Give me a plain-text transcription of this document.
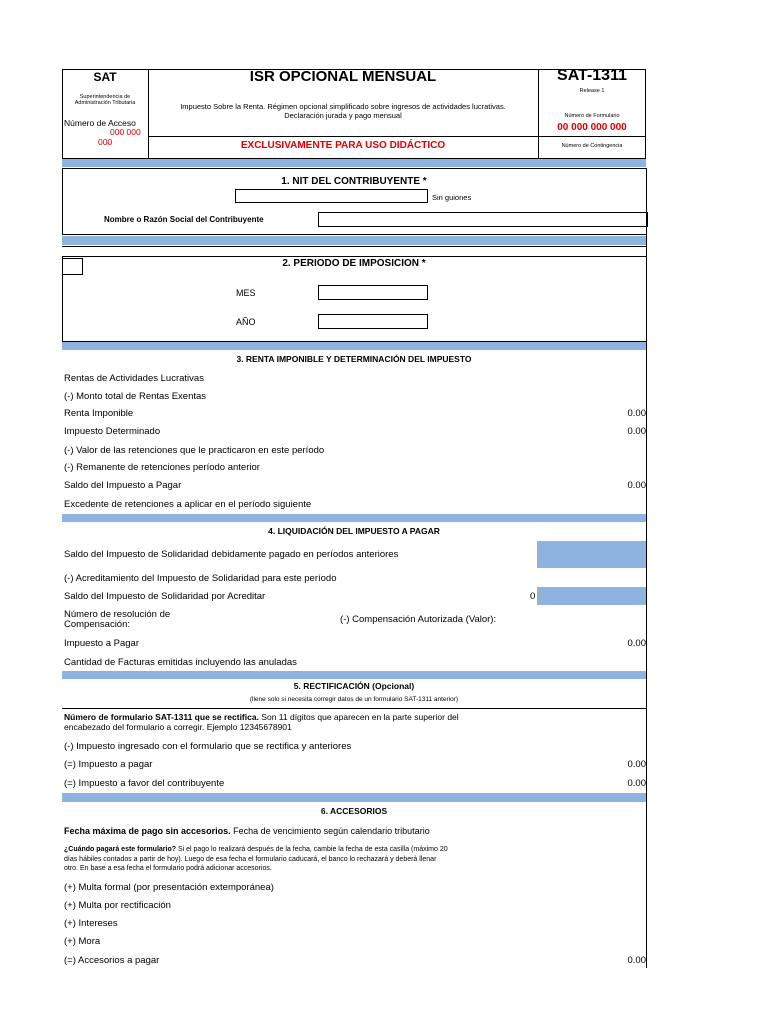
SAT
Superintendencia de
Administración Tributaria
Número de Acceso
000 000
000
ISR OPCIONAL MENSUAL
Impuesto Sobre la Renta. Régimen opcional simplificado sobre ingresos de actividades lucrativas.
Declaración jurada y pago mensual
EXCLUSIVAMENTE PARA USO DIDÁCTICO
SAT-1311
Release 1
Número de Formulario
00 000 000 000
Número de Contingencia
1. NIT DEL CONTRIBUYENTE *
Sin guiones
Nombre o Razón Social del Contribuyente
2. PERIODO DE IMPOSICION *
MES
AÑO
3. RENTA IMPONIBLE Y DETERMINACIÓN DEL IMPUESTO
Rentas de Actividades Lucrativas
(-) Monto total de Rentas Exentas
Renta Imponible	0.00
Impuesto Determinado	0.00
(-) Valor de las retenciones que le practicaron en este período
(-) Remanente de retenciones período anterior
Saldo del Impuesto a Pagar	0.00
Excedente de retenciones a aplicar en el período siguiente
4. LIQUIDACIÓN DEL IMPUESTO A PAGAR
Saldo del Impuesto de Solidaridad debidamente pagado en períodos anteriores
(-) Acreditamiento del Impuesto de Solidaridad para este período
Saldo del Impuesto de Solidaridad por Acreditar	0
Número de resolución de
Compensación:	(-) Compensación Autorizada (Valor):
Impuesto a Pagar	0.00
Cantidad de Facturas emitidas incluyendo las anuladas
5. RECTIFICACIÓN (Opcional)
(llene solo si necesita corregir datos de un formulario SAT-1311 anterior)
Número de formulario SAT-1311 que se rectifica. Son 11 dígitos que aparecen en la parte superior del
encabezado del formulario a corregir. Ejemplo 12345678901
(-) Impuesto ingresado con el formulario que se rectifica y anteriores
(=) Impuesto a pagar	0.00
(=) Impuesto a favor del contribuyente	0.00
6. ACCESORIOS
Fecha máxima de pago sin accesorios. Fecha de vencimiento según calendario tributario
¿Cuándo pagará este formulario? Si el pago lo realizará después de la fecha, cambie la fecha de esta casilla (máximo 20
días hábiles contados a partir de hoy). Luego de esa fecha el formulario caducará, el banco lo rechazará y deberá llenar
otro. En base a esa fecha el formulario podrá adicionar accesorios.
(+) Multa formal (por presentación extemporánea)
(+) Multa por rectificación
(+) Intereses
(+) Mora
(=) Accesorios a pagar	0.00
